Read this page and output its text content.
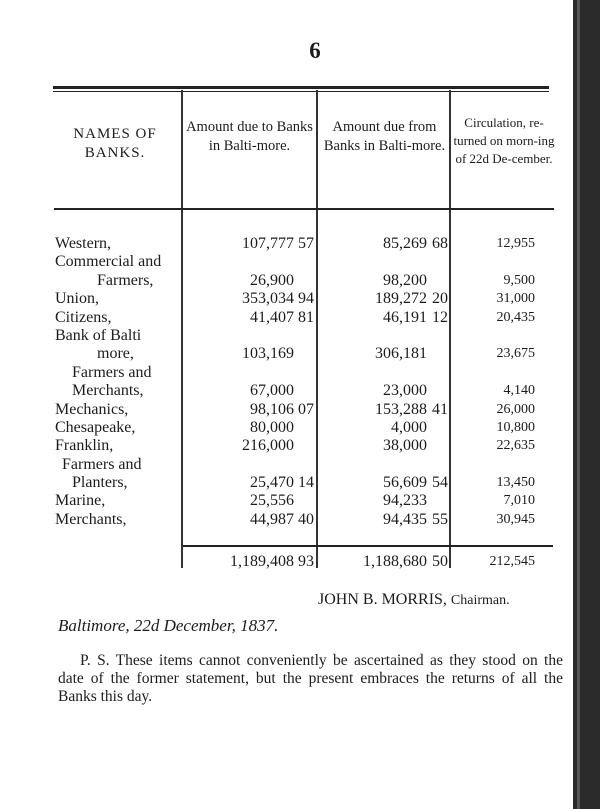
6
NAMES OF BANKS.
Amount due to Banks in Balti-more.
Amount due from Banks in Balti-more.
Circulation, re-turned on morn-ing of 22d De-cember.
Western,	107,777 57	85,269 68	12,955
Commercial and
Farmers,	26,900	98,200	9,500
Union,	353,034 94	189,272 20	31,000
Citizens,	41,407 81	46,191 12	20,435
Bank of Balti
more,	103,169	306,181	23,675
Farmers and
Merchants,	67,000	23,000	4,140
Mechanics,	98,106 07	153,288 41	26,000
Chesapeake,	80,000	4,000	10,800
Franklin,	216,000	38,000	22,635
Farmers and
Planters,	25,470 14	56,609 54	13,450
Marine,	25,556	94,233	7,010
Merchants,	44,987 40	94,435 55	30,945
1,189,408 93	1,188,680 50	212,545
JOHN B. MORRIS, Chairman.
Baltimore, 22d December, 1837.
P. S. These items cannot conveniently be ascertained as they stood on the date of the former statement, but the present embraces the returns of all the Banks this day.
